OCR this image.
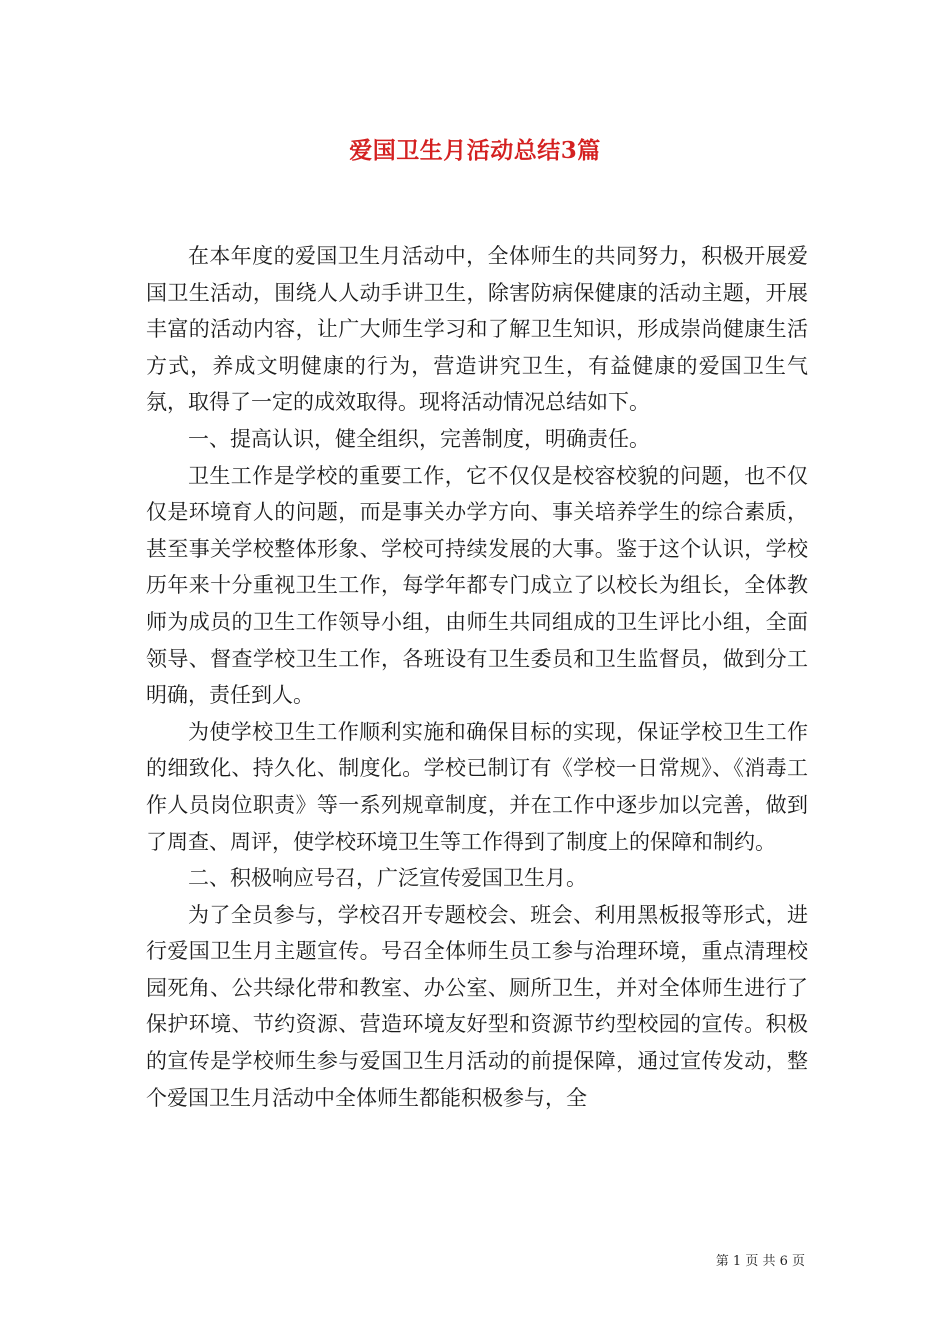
爱国卫生月活动总结3篇

在本年度的爱国卫生月活动中，全体师生的共同努力，积极开展爱国卫生活动，围绕人人动手讲卫生，除害防病保健康的活动主题，开展丰富的活动内容，让广大师生学习和了解卫生知识，形成崇尚健康生活方式，养成文明健康的行为，营造讲究卫生，有益健康的爱国卫生气氛，取得了一定的成效取得。现将活动情况总结如下。

一、提高认识，健全组织，完善制度，明确责任。

卫生工作是学校的重要工作，它不仅仅是校容校貌的问题，也不仅仅是环境育人的问题，而是事关办学方向、事关培养学生的综合素质，甚至事关学校整体形象、学校可持续发展的大事。鉴于这个认识，学校历年来十分重视卫生工作，每学年都专门成立了以校长为组长，全体教师为成员的卫生工作领导小组，由师生共同组成的卫生评比小组，全面领导、督查学校卫生工作，各班设有卫生委员和卫生监督员，做到分工明确，责任到人。

为使学校卫生工作顺利实施和确保目标的实现，保证学校卫生工作的细致化、持久化、制度化。学校已制订有《学校一日常规》、《消毒工作人员岗位职责》等一系列规章制度，并在工作中逐步加以完善，做到了周查、周评，使学校环境卫生等工作得到了制度上的保障和制约。

二、积极响应号召，广泛宣传爱国卫生月。

为了全员参与，学校召开专题校会、班会、利用黑板报等形式，进行爱国卫生月主题宣传。号召全体师生员工参与治理环境，重点清理校园死角、公共绿化带和教室、办公室、厕所卫生，并对全体师生进行了保护环境、节约资源、营造环境友好型和资源节约型校园的宣传。积极的宣传是学校师生参与爱国卫生月活动的前提保障，通过宣传发动，整个爱国卫生月活动中全体师生都能积极参与，全

第 1 页 共 6 页
